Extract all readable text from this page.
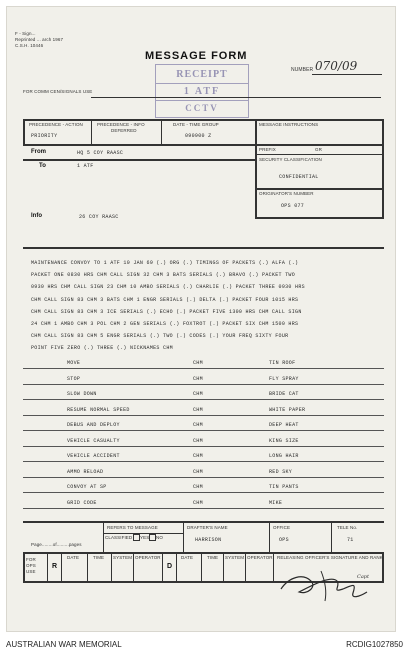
F - Sign...
Reprinted ... arch 1967
C.S.H. 10446
MESSAGE FORM
NUMBER 070/09
RECEIPT
1 ATF
CCTV
FOR COMM CEN/SIGNALS USE
PRECEDENCE - ACTION
PRIORITY
PRECEDENCE - INFO
DEFERRED
DATE - TIME GROUP
090900 Z
MESSAGE INSTRUCTIONS
From	HQ 5 COY RAASC
To	1 ATF
PREFIX	GR
SECURITY CLASSIFICATION
CONFIDENTIAL
ORIGINATOR'S NUMBER
OPS 077
Info	26 COY RAASC
MAINTENANCE CONVOY TO 1 ATF 10 JAN 69 (.) ORG (.) TIMINGS OF PACKETS (.) ALFA (.)
PACKET ONE 0830 HRS CHM CALL SIGN 32 CHM 3 BATS SERIALS (.) BRAVO (.) PACKET TWO
0930 HRS CHM CALL SIGN 23 CHM 10 AMBO SERIALS (.) CHARLIE (.) PACKET THREE 0930 HRS
CHM CALL SIGN 83 CHM 3 BATS CHM 1 ENGR SERIALS (.) DELTA (.) PACKET FOUR 1015 HRS
CHM CALL SIGN 83 CHM 3 ICE SERIALS (.) ECHO (.) PACKET FIVE 1300 HRS CHM CALL SIGN
24 CHM 1 AMBO CHM 3 POL CHM 2 GEN SERIALS (.) FOXTROT (.) PACKET SIX CHM 1500 HRS
CHM CALL SIGN 83 CHM 5 ENGR SERIALS (.) TWO (.) CODES (.) YOUR FREQ SIXTY FOUR
POINT FIVE ZERO (.) THREE (.) NICKNAMES CHM
MOVE	CHM	TIN ROOF
STOP	CHM	FLY SPRAY
SLOW DOWN	CHM	BRIDE CAT
RESUME NORMAL SPEED	CHM	WHITE PAPER
DEBUS AND DEPLOY	CHM	DEEP HEAT
VEHICLE CASUALTY	CHM	KING SIZE
VEHICLE ACCIDENT	CHM	LONG HAIR
AMMO RELOAD	CHM	RED SKY
CONVOY AT SP	CHM	TIN PANTS
GRID CODE	CHM	MIKE
Page........of.........pages
REFERS TO MESSAGE
CLASSIFIED YES NO
DRAFTER'S NAME
HARRISON
OFFICE
OPS
TELE No.
71
FOR OPS USE
R
DATE	TIME SYSTEM OPERATOR
D
DATE	TIME SYSTEM OPERATOR RELEASING OFFICER'S SIGNATURE AND RANK
Capt
AUSTRALIAN WAR MEMORIAL	RCDIG1027850
